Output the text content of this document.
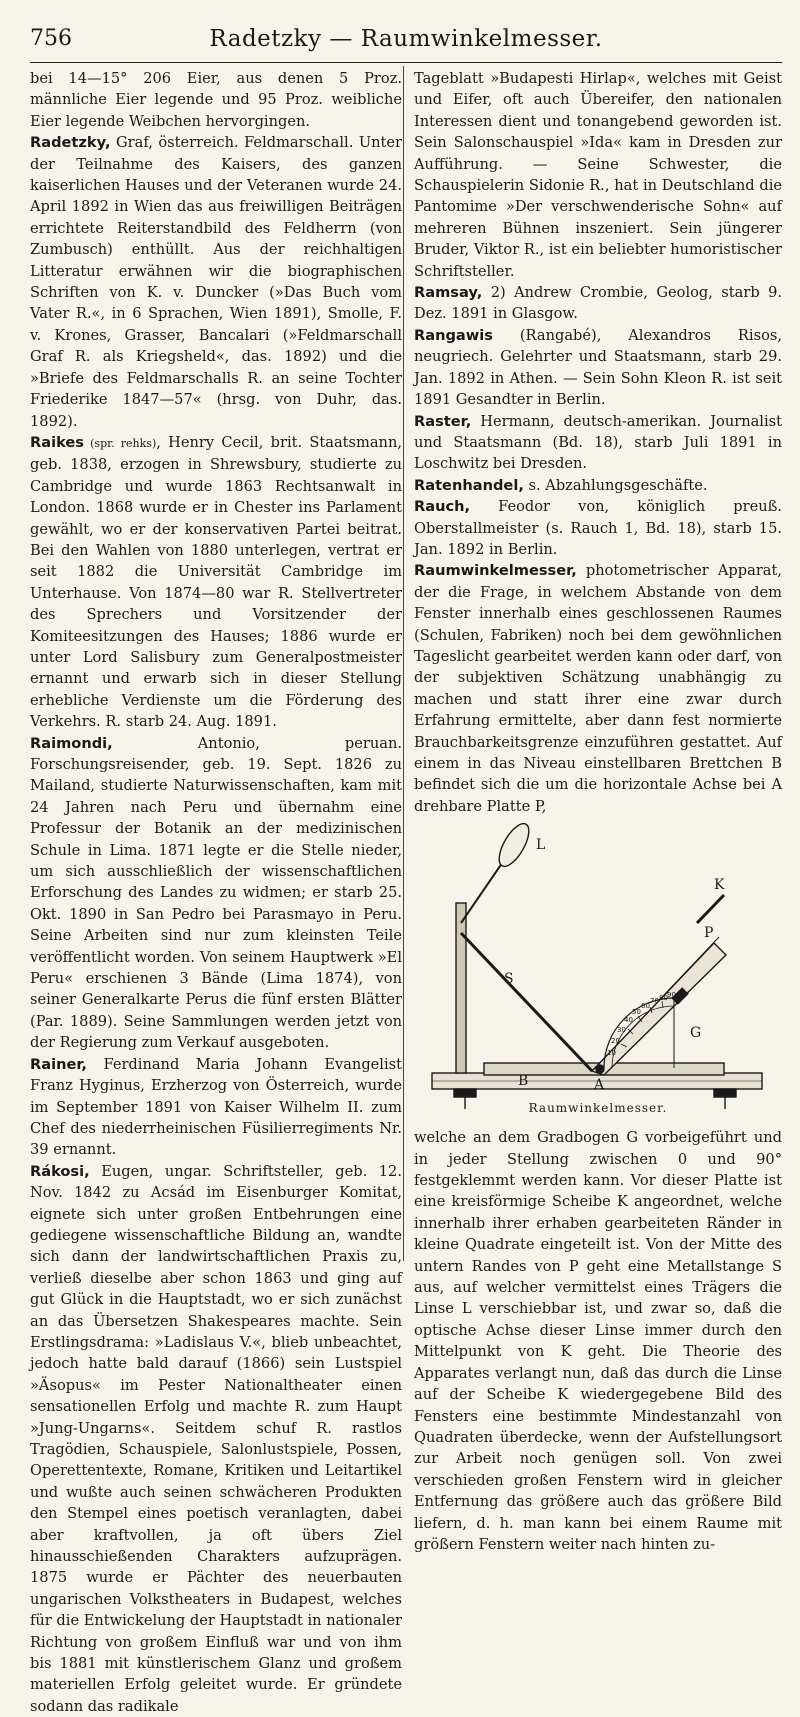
756	Radetzky — Raumwinkelmesser.

bei 14—15° 206 Eier, aus denen 5 Proz. männliche Eier legende und 95 Proz. weibliche Eier legende Weibchen hervorgingen.

Radetzky, Graf, österreich. Feldmarschall. Unter der Teilnahme des Kaisers, des ganzen kaiserlichen Hauses und der Veteranen wurde 24. April 1892 in Wien das aus freiwilligen Beiträgen errichtete Reiterstandbild des Feldherrn (von Zumbusch) enthüllt. Aus der reichhaltigen Litteratur erwähnen wir die biographischen Schriften von K. v. Duncker (»Das Buch vom Vater R.«, in 6 Sprachen, Wien 1891), Smolle, F. v. Krones, Grasser, Bancalari (»Feldmarschall Graf R. als Kriegsheld«, das. 1892) und die »Briefe des Feldmarschalls R. an seine Tochter Friederike 1847—57« (hrsg. von Duhr, das. 1892).

Raikes (spr. rehks), Henry Cecil, brit. Staatsmann, geb. 1838, erzogen in Shrewsbury, studierte zu Cambridge und wurde 1863 Rechtsanwalt in London. 1868 wurde er in Chester ins Parlament gewählt, wo er der konservativen Partei beitrat. Bei den Wahlen von 1880 unterlegen, vertrat er seit 1882 die Universität Cambridge im Unterhause. Von 1874—80 war R. Stellvertreter des Sprechers und Vorsitzender der Komiteesitzungen des Hauses; 1886 wurde er unter Lord Salisbury zum Generalpostmeister ernannt und erwarb sich in dieser Stellung erhebliche Verdienste um die Förderung des Verkehrs. R. starb 24. Aug. 1891.

Raimondi, Antonio, peruan. Forschungsreisender, geb. 19. Sept. 1826 zu Mailand, studierte Naturwissenschaften, kam mit 24 Jahren nach Peru und übernahm eine Professur der Botanik an der medizinischen Schule in Lima. 1871 legte er die Stelle nieder, um sich ausschließlich der wissenschaftlichen Erforschung des Landes zu widmen; er starb 25. Okt. 1890 in San Pedro bei Parasmayo in Peru. Seine Arbeiten sind nur zum kleinsten Teile veröffentlicht worden. Von seinem Hauptwerk »El Peru« erschienen 3 Bände (Lima 1874), von seiner Generalkarte Perus die fünf ersten Blätter (Par. 1889). Seine Sammlungen werden jetzt von der Regierung zum Verkauf ausgeboten.

Rainer, Ferdinand Maria Johann Evangelist Franz Hyginus, Erzherzog von Österreich, wurde im September 1891 von Kaiser Wilhelm II. zum Chef des niederrheinischen Füsilierregiments Nr. 39 ernannt.

Rákosi, Eugen, ungar. Schriftsteller, geb. 12. Nov. 1842 zu Acsád im Eisenburger Komitat, eignete sich unter großen Entbehrungen eine gediegene wissenschaftliche Bildung an, wandte sich dann der landwirtschaftlichen Praxis zu, verließ dieselbe aber schon 1863 und ging auf gut Glück in die Hauptstadt, wo er sich zunächst an das Übersetzen Shakespeares machte. Sein Erstlingsdrama: »Ladislaus V.«, blieb unbeachtet, jedoch hatte bald darauf (1866) sein Lustspiel »Äsopus« im Pester Nationaltheater einen sensationellen Erfolg und machte R. zum Haupt »Jung-Ungarns«. Seitdem schuf R. rastlos Tragödien, Schauspiele, Salonlustspiele, Possen, Operettentexte, Romane, Kritiken und Leitartikel und wußte auch seinen schwächeren Produkten den Stempel eines poetisch veranlagten, dabei aber kraftvollen, ja oft übers Ziel hinausschießenden Charakters aufzuprägen. 1875 wurde er Pächter des neuerbauten ungarischen Volkstheaters in Budapest, welches für die Entwickelung der Hauptstadt in nationaler Richtung von großem Einfluß war und von ihm bis 1881 mit künstlerischem Glanz und großem materiellen Erfolg geleitet wurde. Er gründete sodann das radikale

Tageblatt »Budapesti Hirlap«, welches mit Geist und Eifer, oft auch Übereifer, den nationalen Interessen dient und tonangebend geworden ist. Sein Salonschauspiel »Ida« kam in Dresden zur Aufführung. — Seine Schwester, die Schauspielerin Sidonie R., hat in Deutschland die Pantomime »Der verschwenderische Sohn« auf mehreren Bühnen inszeniert. Sein jüngerer Bruder, Viktor R., ist ein beliebter humoristischer Schriftsteller.

Ramsay, 2) Andrew Crombie, Geolog, starb 9. Dez. 1891 in Glasgow.

Rangawis (Rangabé), Alexandros Risos, neugriech. Gelehrter und Staatsmann, starb 29. Jan. 1892 in Athen. — Sein Sohn Kleon R. ist seit 1891 Gesandter in Berlin.

Raster, Hermann, deutsch-amerikan. Journalist und Staatsmann (Bd. 18), starb Juli 1891 in Loschwitz bei Dresden.

Ratenhandel, s. Abzahlungsgeschäfte.

Rauch, Feodor von, königlich preuß. Oberstallmeister (s. Rauch 1, Bd. 18), starb 15. Jan. 1892 in Berlin.

Raumwinkelmesser, photometrischer Apparat, der die Frage, in welchem Abstande von dem Fenster innerhalb eines geschlossenen Raumes (Schulen, Fabriken) noch bei dem gewöhnlichen Tageslicht gearbeitet werden kann oder darf, von der subjektiven Schätzung unabhängig zu machen und statt ihrer eine zwar durch Erfahrung ermittelte, aber dann fest normierte Brauchbarkeitsgrenze einzuführen gestattet. Auf einem in das Niveau einstellbaren Brettchen B befindet sich die um die horizontale Achse bei A drehbare Platte P,

L
K
P
S
G
A
B
10
20
30
40
50
60
70 80 90
Raumwinkelmesser.

welche an dem Gradbogen G vorbeigeführt und in jeder Stellung zwischen 0 und 90° festgeklemmt werden kann. Vor dieser Platte ist eine kreisförmige Scheibe K angeordnet, welche innerhalb ihrer erhaben gearbeiteten Ränder in kleine Quadrate eingeteilt ist. Von der Mitte des untern Randes von P geht eine Metallstange S aus, auf welcher vermittelst eines Trägers die Linse L verschiebbar ist, und zwar so, daß die optische Achse dieser Linse immer durch den Mittelpunkt von K geht. Die Theorie des Apparates verlangt nun, daß das durch die Linse auf der Scheibe K wiedergegebene Bild des Fensters eine bestimmte Mindestanzahl von Quadraten überdecke, wenn der Aufstellungsort zur Arbeit noch genügen soll. Von zwei verschieden großen Fenstern wird in gleicher Entfernung das größere auch das größere Bild liefern, d. h. man kann bei einem Raume mit größern Fenstern weiter nach hinten zu-
